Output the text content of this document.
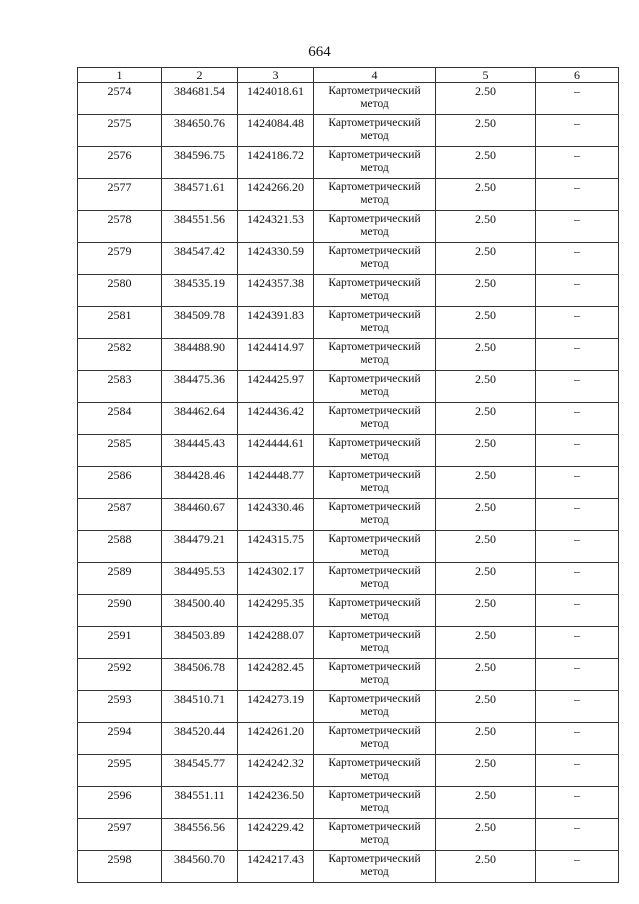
664
1	2	3	4	5	6
2574	384681.54	1424018.61	Картометрический метод	2.50	–
2575	384650.76	1424084.48	Картометрический метод	2.50	–
2576	384596.75	1424186.72	Картометрический метод	2.50	–
2577	384571.61	1424266.20	Картометрический метод	2.50	–
2578	384551.56	1424321.53	Картометрический метод	2.50	–
2579	384547.42	1424330.59	Картометрический метод	2.50	–
2580	384535.19	1424357.38	Картометрический метод	2.50	–
2581	384509.78	1424391.83	Картометрический метод	2.50	–
2582	384488.90	1424414.97	Картометрический метод	2.50	–
2583	384475.36	1424425.97	Картометрический метод	2.50	–
2584	384462.64	1424436.42	Картометрический метод	2.50	–
2585	384445.43	1424444.61	Картометрический метод	2.50	–
2586	384428.46	1424448.77	Картометрический метод	2.50	–
2587	384460.67	1424330.46	Картометрический метод	2.50	–
2588	384479.21	1424315.75	Картометрический метод	2.50	–
2589	384495.53	1424302.17	Картометрический метод	2.50	–
2590	384500.40	1424295.35	Картометрический метод	2.50	–
2591	384503.89	1424288.07	Картометрический метод	2.50	–
2592	384506.78	1424282.45	Картометрический метод	2.50	–
2593	384510.71	1424273.19	Картометрический метод	2.50	–
2594	384520.44	1424261.20	Картометрический метод	2.50	–
2595	384545.77	1424242.32	Картометрический метод	2.50	–
2596	384551.11	1424236.50	Картометрический метод	2.50	–
2597	384556.56	1424229.42	Картометрический метод	2.50	–
2598	384560.70	1424217.43	Картометрический метод	2.50	–
